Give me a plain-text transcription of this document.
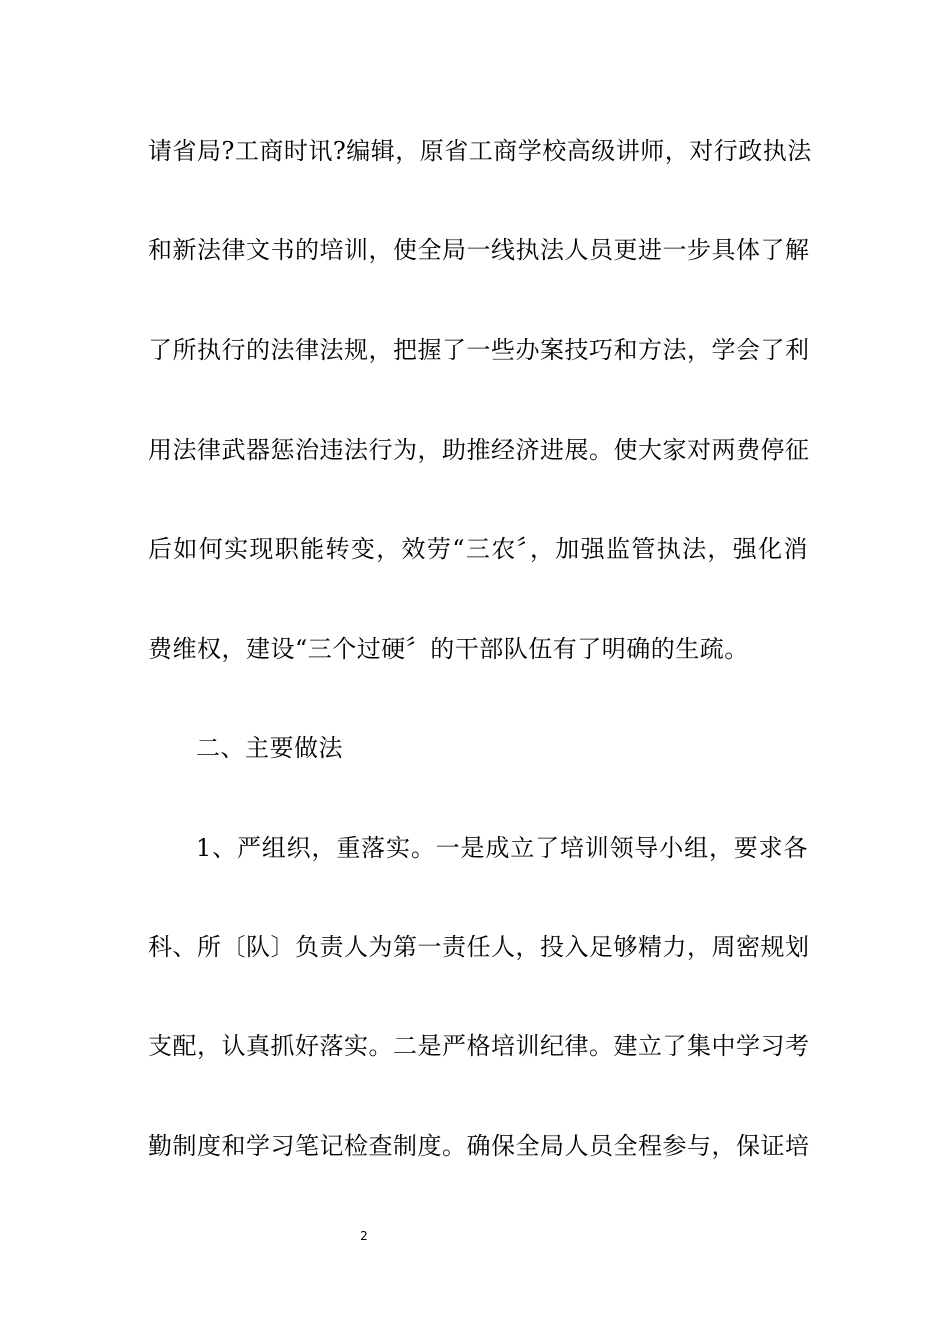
请省局?工商时讯?编辑，原省工商学校高级讲师，对行政执法
和新法律文书的培训，使全局一线执法人员更进一步具体了解
了所执行的法律法规，把握了一些办案技巧和方法，学会了利
用法律武器惩治违法行为，助推经济进展。使大家对两费停征
后如何实现职能转变，效劳“三农〞，加强监管执法，强化消
费维权，建设“三个过硬〞的干部队伍有了明确的生疏。
二、主要做法
1、严组织，重落实。一是成立了培训领导小组，要求各
科、所〔队〕负责人为第一责任人，投入足够精力，周密规划
支配，认真抓好落实。二是严格培训纪律。建立了集中学习考
勤制度和学习笔记检查制度。确保全局人员全程参与，保证培
2
